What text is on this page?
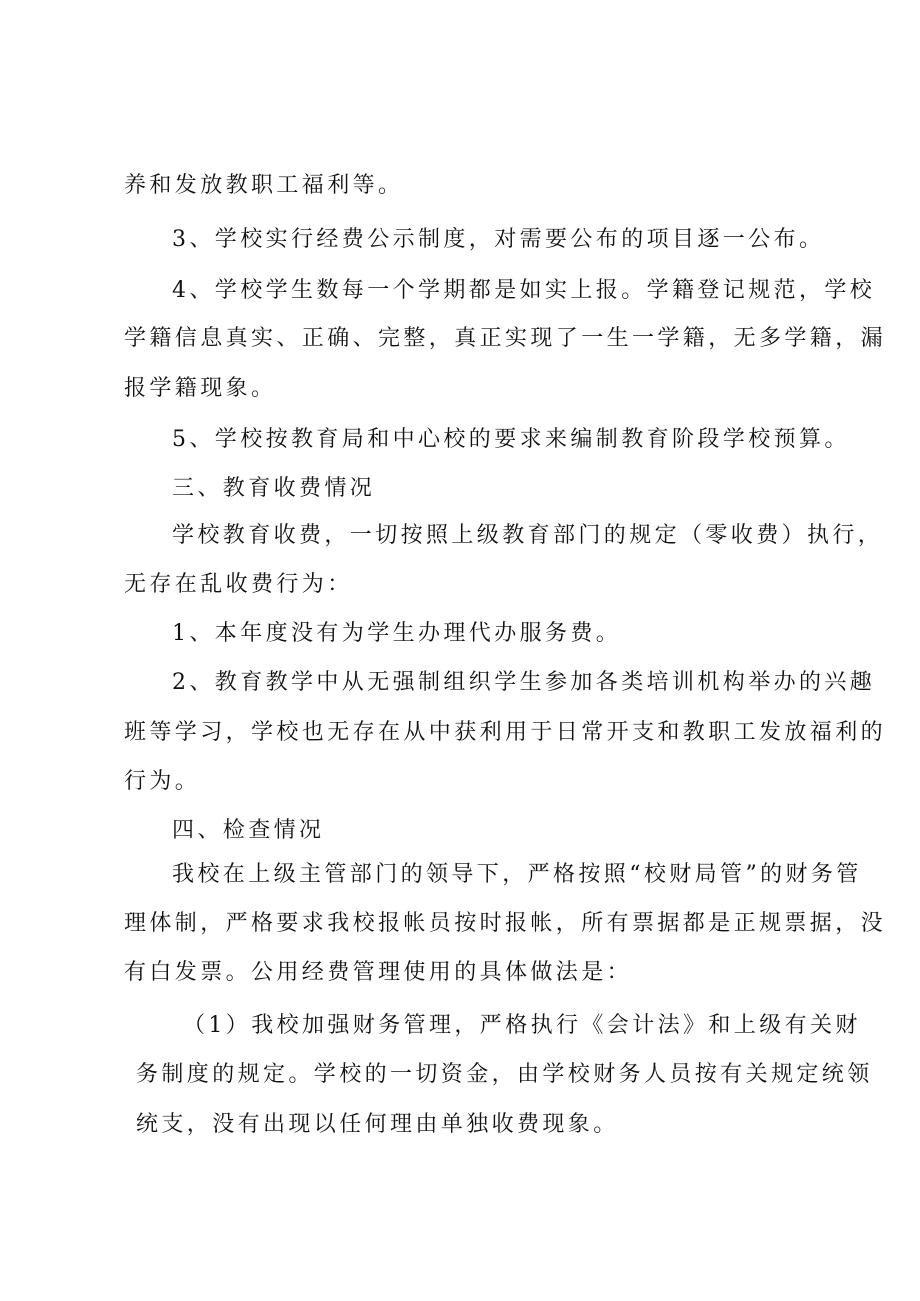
养和发放教职工福利等。
3、学校实行经费公示制度，对需要公布的项目逐一公布。
4、学校学生数每一个学期都是如实上报。学籍登记规范，学校
学籍信息真实、正确、完整，真正实现了一生一学籍，无多学籍，漏
报学籍现象。
5、学校按教育局和中心校的要求来编制教育阶段学校预算。
三、教育收费情况
学校教育收费，一切按照上级教育部门的规定（零收费）执行，
无存在乱收费行为：
1、本年度没有为学生办理代办服务费。
2、教育教学中从无强制组织学生参加各类培训机构举办的兴趣
班等学习，学校也无存在从中获利用于日常开支和教职工发放福利的
行为。
四、检查情况
我校在上级主管部门的领导下，严格按照“校财局管”的财务管
理体制，严格要求我校报帐员按时报帐，所有票据都是正规票据，没
有白发票。公用经费管理使用的具体做法是：
（1）我校加强财务管理，严格执行《会计法》和上级有关财
务制度的规定。学校的一切资金，由学校财务人员按有关规定统领
统支，没有出现以任何理由单独收费现象。
